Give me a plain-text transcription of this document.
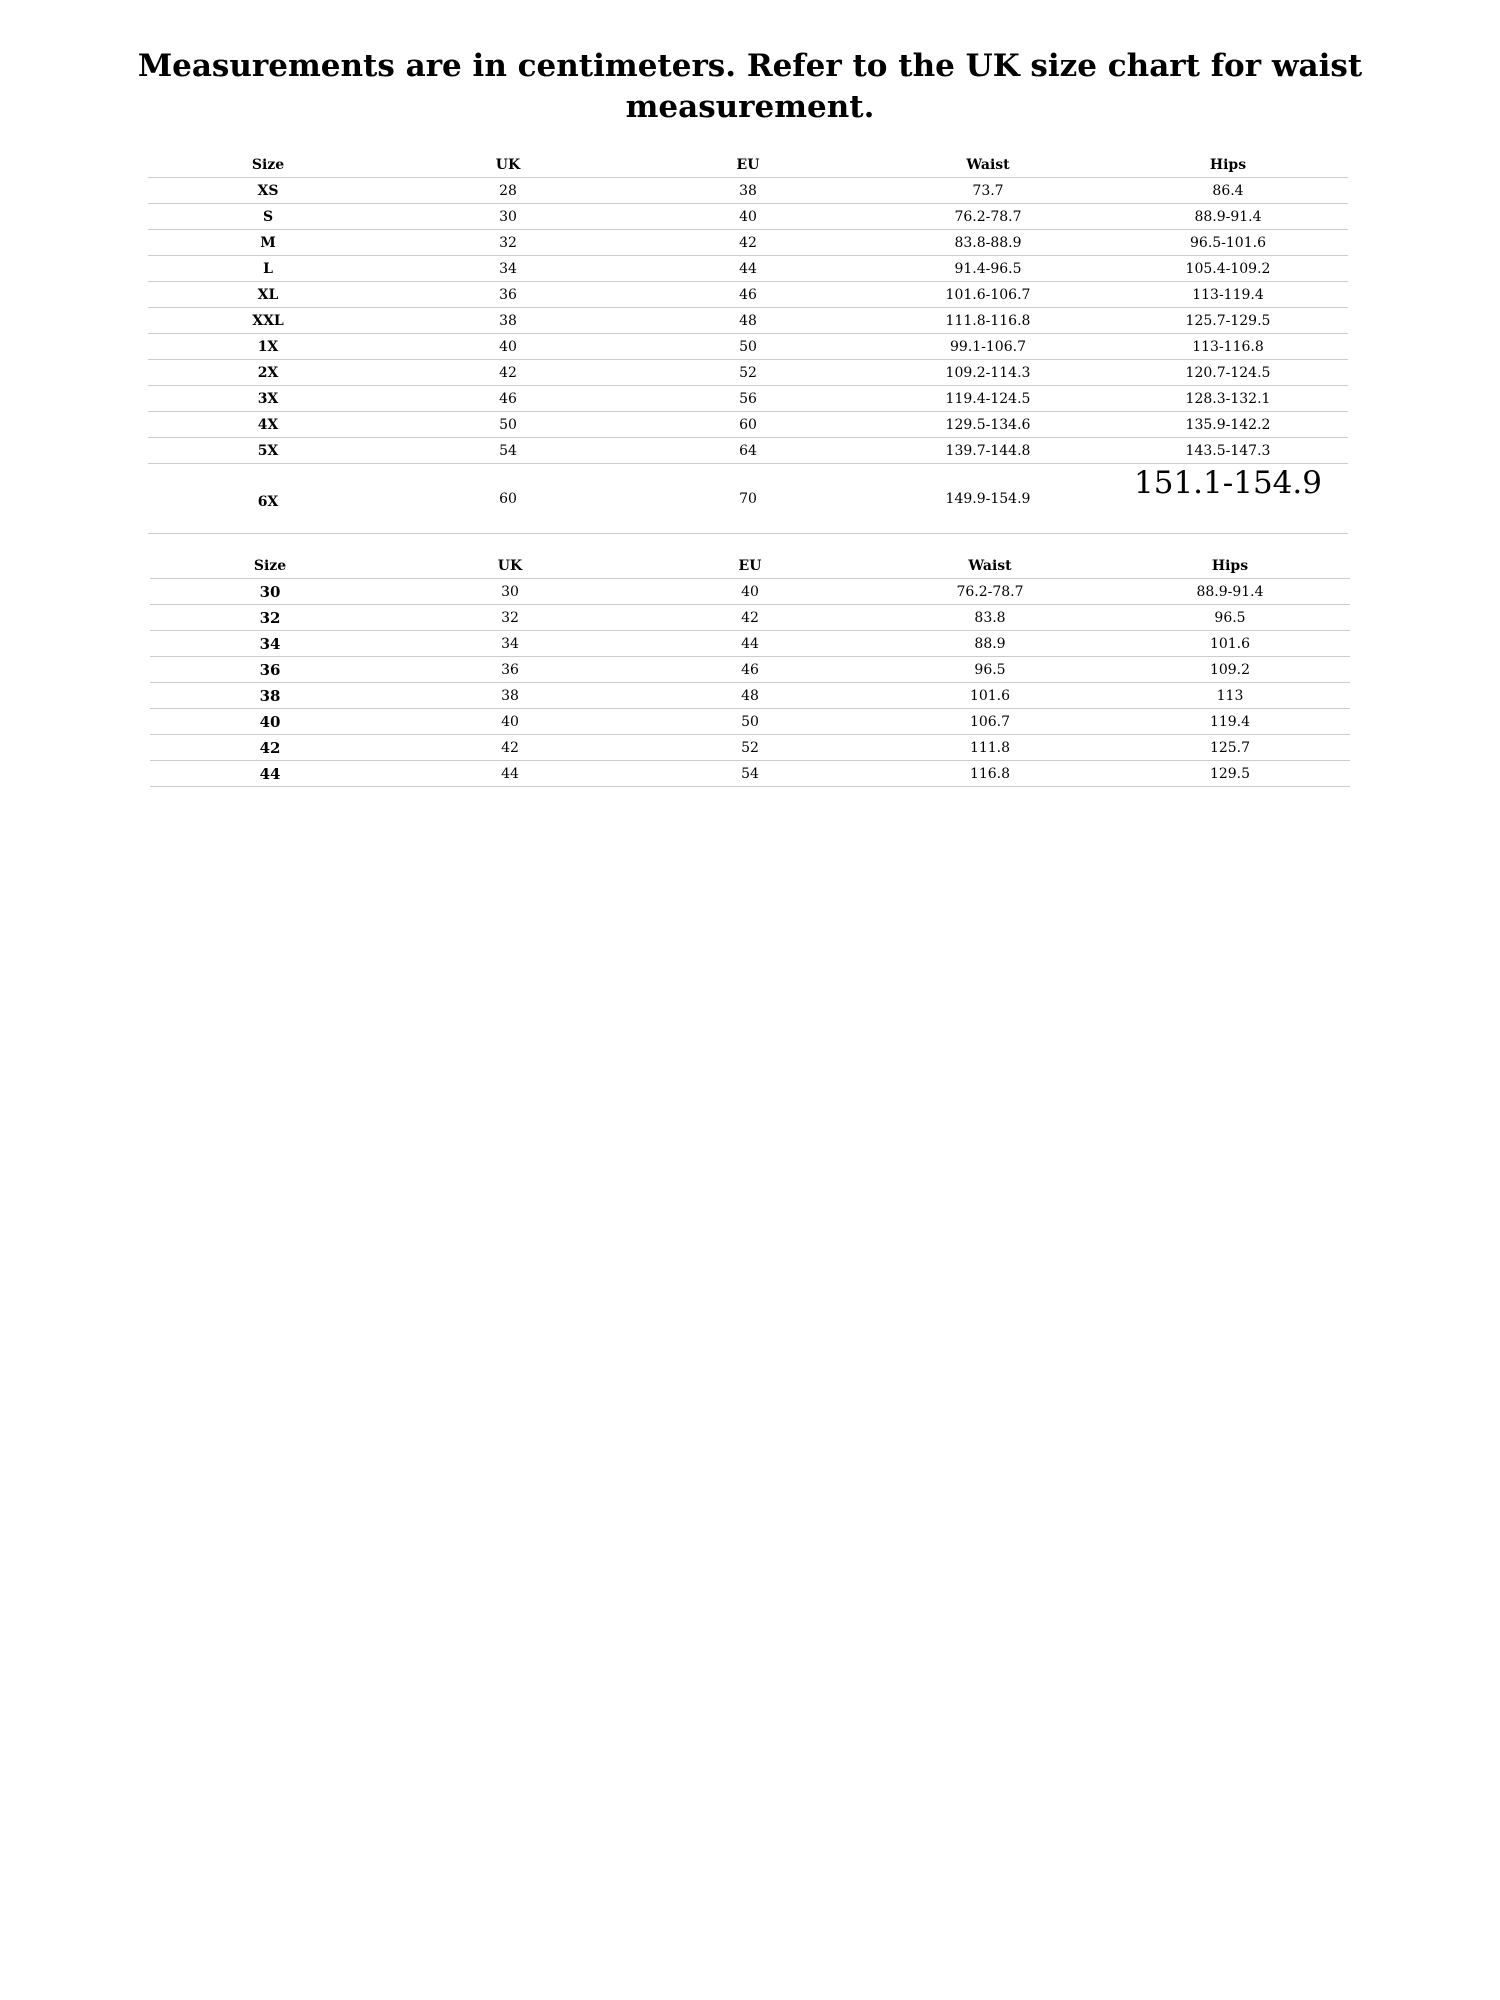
Measurements are in centimeters. Refer to the UK size chart for waist measurement.
Size	UK	EU	Waist	Hips
XS	28	38	73.7	86.4
S	30	40	76.2-78.7	88.9-91.4
M	32	42	83.8-88.9	96.5-101.6
L	34	44	91.4-96.5	105.4-109.2
XL	36	46	101.6-106.7	113-119.4
XXL	38	48	111.8-116.8	125.7-129.5
1X	40	50	99.1-106.7	113-116.8
2X	42	52	109.2-114.3	120.7-124.5
3X	46	56	119.4-124.5	128.3-132.1
4X	50	60	129.5-134.6	135.9-142.2
5X	54	64	139.7-144.8	143.5-147.3
6X	60	70	149.9-154.9	151.1-154.9
Size	UK	EU	Waist	Hips
30	30	40	76.2-78.7	88.9-91.4
32	32	42	83.8	96.5
34	34	44	88.9	101.6
36	36	46	96.5	109.2
38	38	48	101.6	113
40	40	50	106.7	119.4
42	42	52	111.8	125.7
44	44	54	116.8	129.5
